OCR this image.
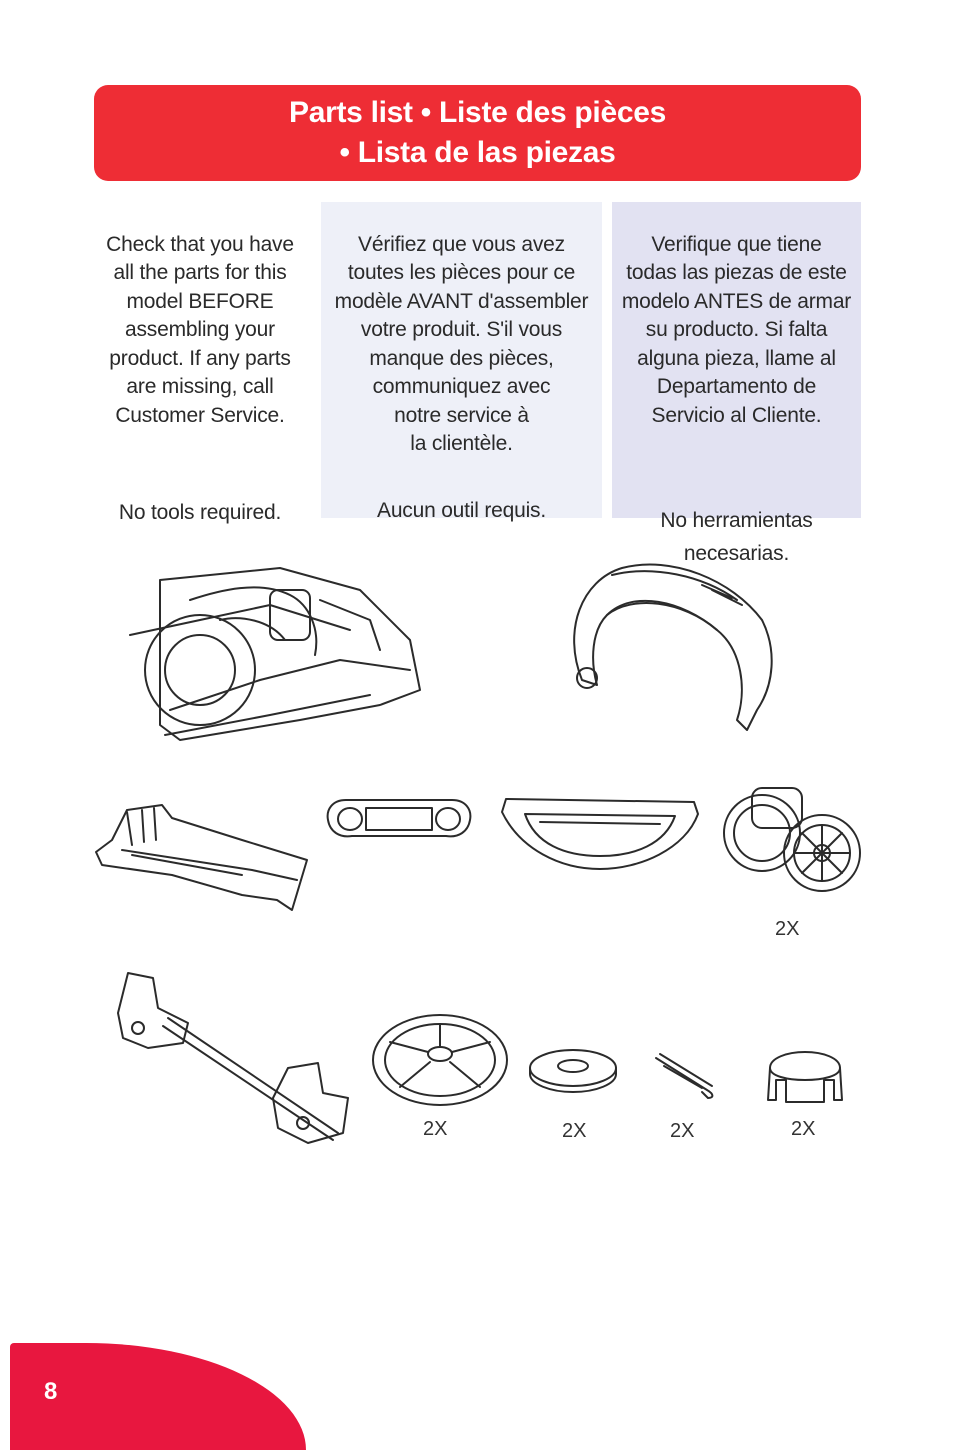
Parts list • Liste des pièces
• Lista de las piezas

Check that you have
all the parts for this
model BEFORE
assembling your
product. If any parts
are missing, call
Customer Service.

No tools required.

Vérifiez que vous avez
toutes les pièces pour ce
modèle AVANT d'assembler
votre produit. S'il vous
manque des pièces,
communiquez avec
notre service à
la clientèle.

Aucun outil requis.

Verifique que tiene
todas las piezas de este
modelo ANTES de armar
su producto. Si falta
alguna pieza, llame al
Departamento de
Servicio al Cliente.

No herramientas
necesarias.

2X
2X	2X	2X	2X
8
